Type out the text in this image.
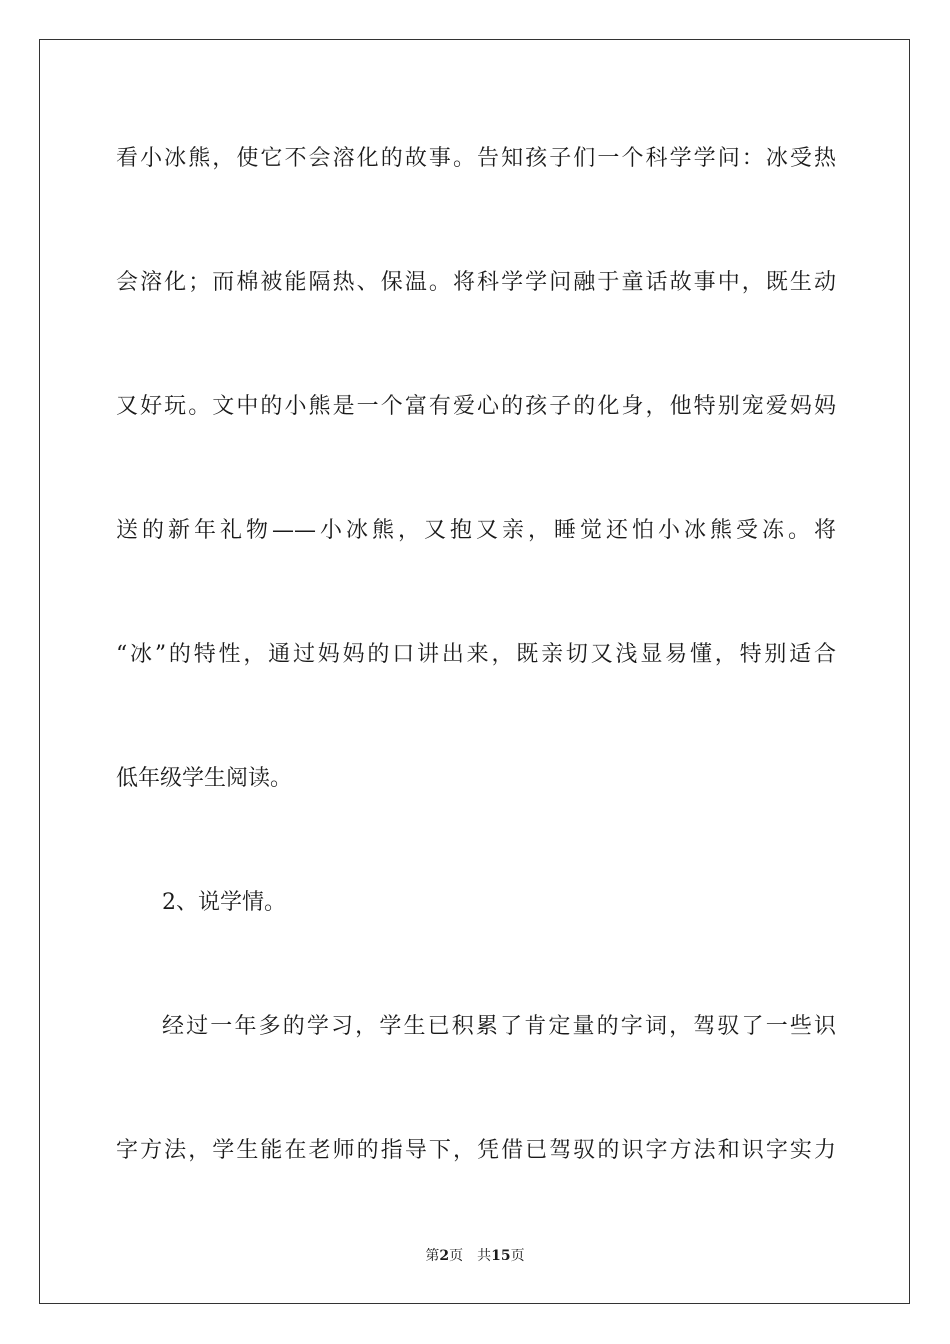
看小冰熊，使它不会溶化的故事。告知孩子们一个科学学问：冰受热
会溶化；而棉被能隔热、保温。将科学学问融于童话故事中，既生动
又好玩。文中的小熊是一个富有爱心的孩子的化身，他特别宠爱妈妈
送的新年礼物——小冰熊，又抱又亲，睡觉还怕小冰熊受冻。将
“冰”的特性，通过妈妈的口讲出来，既亲切又浅显易懂，特别适合
低年级学生阅读。
2、说学情。
经过一年多的学习，学生已积累了肯定量的字词，驾驭了一些识
字方法，学生能在老师的指导下，凭借已驾驭的识字方法和识字实力
第2页 共15页
